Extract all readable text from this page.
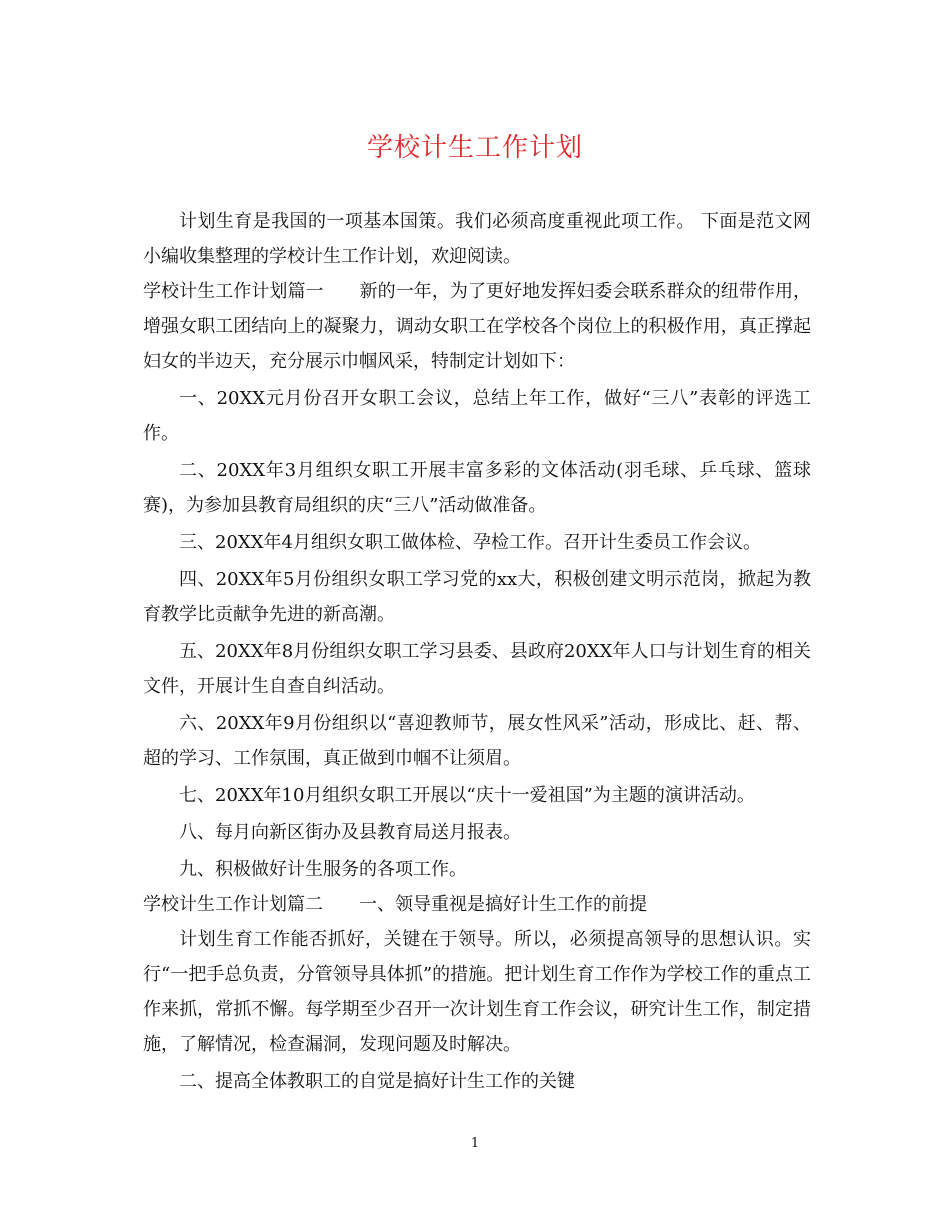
学校计生工作计划

计划生育是我国的一项基本国策。我们必须高度重视此项工作。 下面是范文网小编收集整理的学校计生工作计划，欢迎阅读。

学校计生工作计划篇一 新的一年，为了更好地发挥妇委会联系群众的纽带作用，增强女职工团结向上的凝聚力，调动女职工在学校各个岗位上的积极作用，真正撑起妇女的半边天，充分展示巾帼风采，特制定计划如下：

一、20XX元月份召开女职工会议，总结上年工作，做好“三八”表彰的评选工作。

二、20XX年3月组织女职工开展丰富多彩的文体活动(羽毛球、乒乓球、篮球赛)，为参加县教育局组织的庆“三八”活动做准备。

三、20XX年4月组织女职工做体检、孕检工作。召开计生委员工作会议。

四、20XX年5月份组织女职工学习党的xx大，积极创建文明示范岗，掀起为教育教学比贡献争先进的新高潮。

五、20XX年8月份组织女职工学习县委、县政府20XX年人口与计划生育的相关文件，开展计生自查自纠活动。

六、20XX年9月份组织以“喜迎教师节，展女性风采”活动，形成比、赶、帮、超的学习、工作氛围，真正做到巾帼不让须眉。

七、20XX年10月组织女职工开展以“庆十一爱祖国”为主题的演讲活动。

八、每月向新区街办及县教育局送月报表。

九、积极做好计生服务的各项工作。

学校计生工作计划篇二 一、领导重视是搞好计生工作的前提

计划生育工作能否抓好，关键在于领导。所以，必须提高领导的思想认识。实行“一把手总负责，分管领导具体抓”的措施。把计划生育工作作为学校工作的重点工作来抓，常抓不懈。每学期至少召开一次计划生育工作会议，研究计生工作，制定措施，了解情况，检查漏洞，发现问题及时解决。

二、提高全体教职工的自觉是搞好计生工作的关键

1
